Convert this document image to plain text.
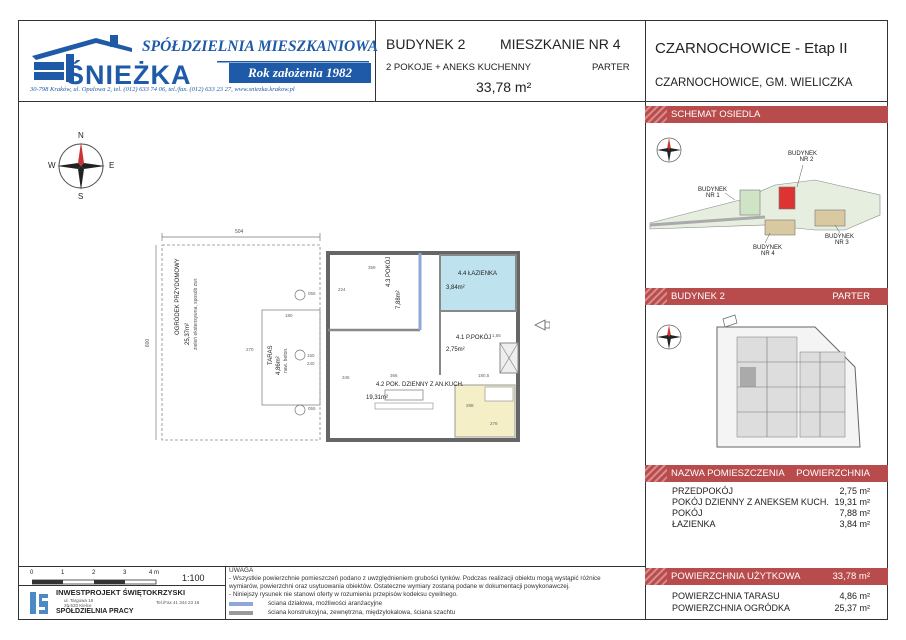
SPÓŁDZIELNIA MIESZKANIOWA
ŚNIEŻKA	Rok założenia 1982
30-798 Kraków, ul. Opalowa 2, tel. (012) 633 74 06, tel./fax. (012) 633 23 27, www.sniezka.krakow.pl
BUDYNEK 2 MIESZKANIE NR 4
2 POKOJE + ANEKS KUCHENNY	PARTER
33,78 m²
CZARNOCHOWICE - Etap II
CZARNOCHOWICE, GM. WIELICZKA
N
S
E
W
504
600
OGRÓDEK PRZYDOMOWY 25,37m² zieleń ekstensywna, sposób zwr.
TARAS
4,86m² naw. beton.
4.3 POKÓJ
7,88m²
4.4 ŁAZIENKA
3,84m²
4.1 P.POKÓJ
2,75m²
4.2 POK. DZIENNY Z AN.KUCH.
19,31m²
359
224
180
270
150
240
055
055
366
345	180,5
1,56
288
276
0	1	2	3	4 m	1:100
INWESTPROJEKT ŚWIĘTOKRZYSKI
ul. Targowa 18
25-520 Kielce
Tel./Fax 41 344 23 16
SPÓŁDZIELNIA PRACY
UWAGA
- Wszystkie powierzchnie pomieszczeń podano z uwzględnieniem grubości tynków. Podczas realizacji obiektu mogą wystąpić różnice
wymiarów, powierzchni oraz usytuowania obiektów. Ostateczne wymiary zostaną podane w dokumentacji powykonawczej.
- Niniejszy rysunek nie stanowi oferty w rozumieniu przepisów kodeksu cywilnego.
ściana działowa, możliwości aranżacyjne
ściana konstrukcyjna, zewnętrzna, międzylokalowa, ściana szachtu
SCHEMAT OSIEDLA
BUDYNEK
NR 2
BUDYNEK
NR 1
BUDYNEK
NR 3
BUDYNEK
NR 4
BUDYNEK 2	PARTER
NAZWA POMIESZCZENIA POWIERZCHNIA
PRZEDPOKÓJ	2,75 m²
POKÓJ DZIENNY Z ANEKSEM KUCH. 19,31 m²
POKÓJ	7,88 m²
ŁAZIENKA	3,84 m²
POWIERZCHNIA UŻYTKOWA	33,78 m²
POWIERZCHNIA TARASU	4,86 m²
POWIERZCHNIA OGRÓDKA	25,37 m²
